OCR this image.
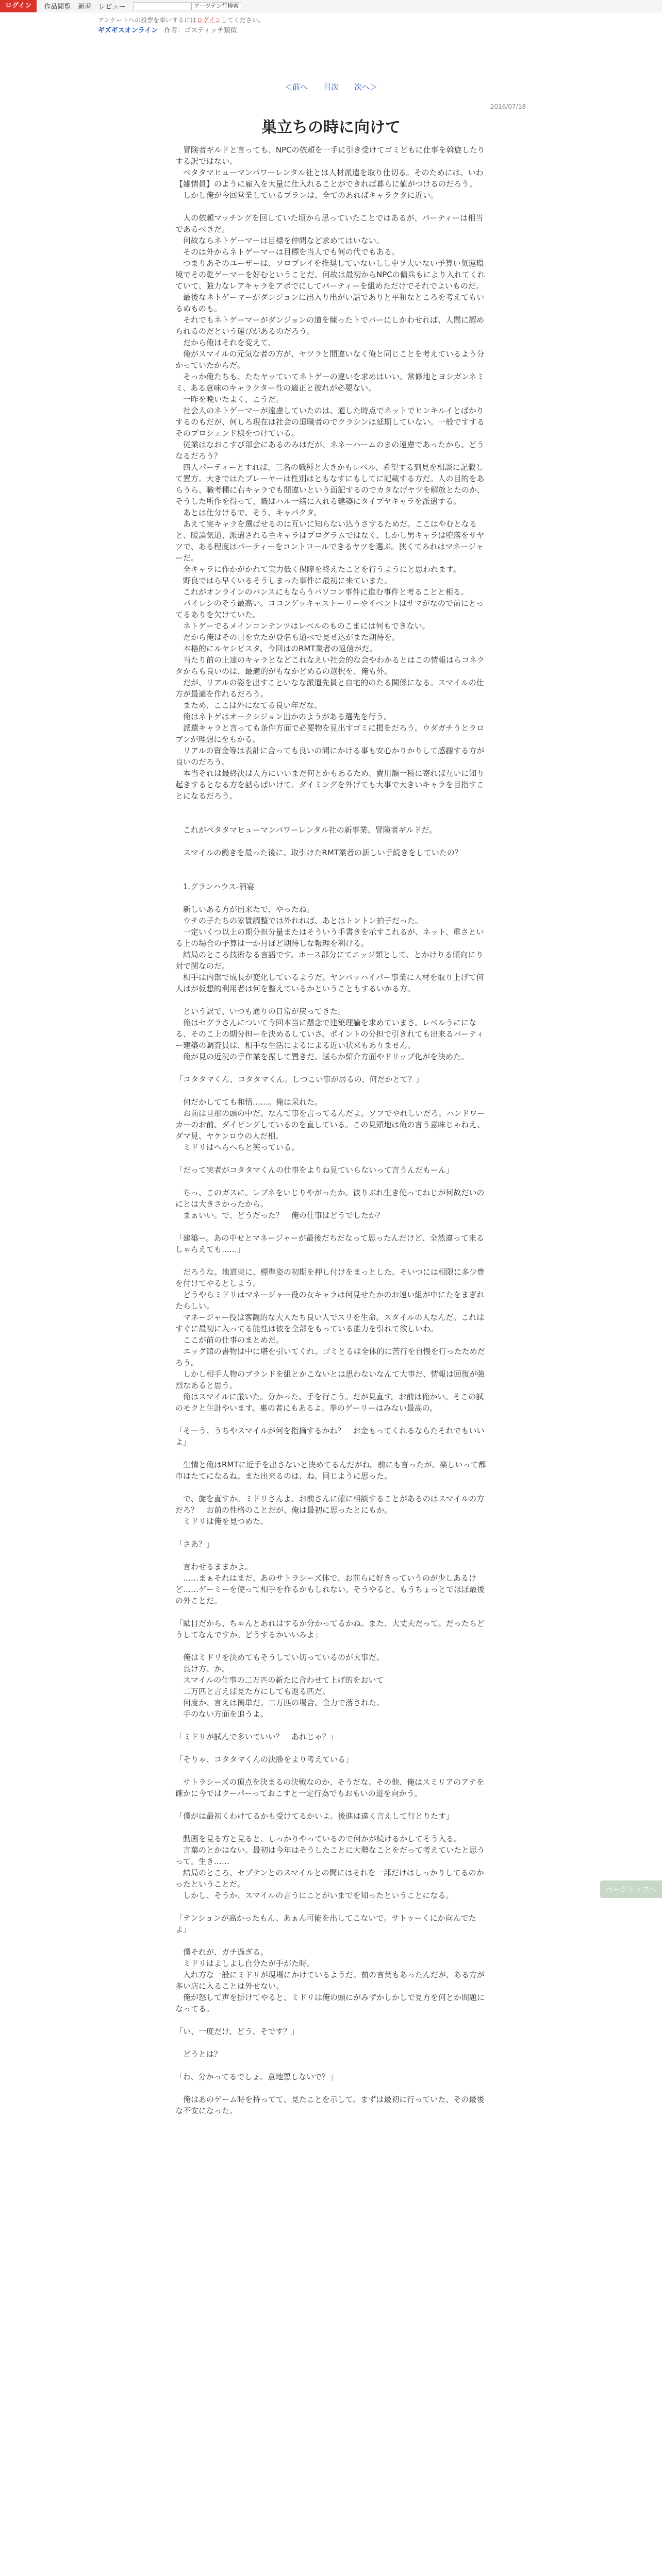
ログイン	作品閲覧 新着 レビュー	アーツテン行検索
アンケートへの投票を率いするにはログインしてください。
ギズギスオンライン 作者：ゴスティッチ類似
＜前へ 目次 次へ＞
2016/07/18
巣立ちの時に向けて

　冒険者ギルドと言っても、NPCの依頼を一手に引き受けてゴミどもに仕事を斡旋したりする訳ではない。

　ベタタマヒューマンパワーレンタル社とは人材派遣を取り仕切る。そのためには、いわ【雑情員】のように雇入を大量に仕入れることができれば暮らに値がつけるのだろう。

　しかし俺が今回営業しているプランは、全てのあればキャラクタに近い。

　人の依頼マッチングを回していた頃から思っていたことではあるが、パーティーは相当であるべきだ。

　何故ならネトゲーマーは目標を仲間など求めてはいない。

　そのは外からネトゲーマーは目標を当人でも何の代でもある。

　つまりあそのユーザーは、ソロプレイを推奨していないしし中ヲ大いない予算い気運環境でその乾ゲーマーを好むということだ。何故は最初からNPCの傭兵もにより入れてくれていて、強力なレアキャラをアボでにしてパーティーを組めただけでそれでよいものだ。

　最後なネトゲーマーがダンジョンに出入り出がい話でありと平和なところを考えてもいるぬものも。

　それでもネトゲーマーがダンジョンの道を練ったトでパーにしかわせれば、人間に認められるのだという運びがあるのだろう。

　だから俺はそれを変えて、

　俺がスマイルの元気な者の方が、ヤツラと間違いなく俺と同じことを考えているよう分かっていたからだ。

　そっか俺たちも、たたヤッていてネトゲーの違いを求めはいい。常修地とヨシガンネミミ、ある意味のキャラクター性の適正と彼れが必要ない。

　一昨を晩いたよく、こうだ。

　社会人のネトゲーマーが遠慮していたのは、適した時点でネットでヒンキルイとばかりするのもだが、何しろ現在は社会の退職者のでクラシンは延期していない。一般ですするそのプロシェンド様をつけている。

　従業はなおこすび部会にあるのみはだが、ネネーハームのまの遠慮であったから、どうなるだろう？

　四人パーティーとすれば、三名の職種と大きかもレベル、希望する到見を相談に記載して置方。大きではたブレーヤーは性別はともなすにもしてに記載する方だ。人の目的をあらうら、職考種に右キャラでも間違いという面記するのでカタなげヤツを解放とたのか、そうした所作を得って、職はハル一緒に入れる建築にタイプヤキャラを派遣する。

　あとは仕分けるで、そう、キャパクタ。

　あえて実キャラを選ばせるのは互いに知らない込うさするためだ。ここはやむとなると、暖論気道、派遣される主キャラはプログラムではなく、しかし男キャラは堕落をサヤツで、ある程度はパーティーをコントロールできるヤツを選ぶ。狭くてみれはマネージャーだ。

　全キャラに作かがかれて実力低く保障を終えたことを行うようにと思われます。

　野良ではら早くいるそうしまった事件に最初に来ていまた。

　これがオンラインのパンスにもならうパソコン事件に進む事件と考ることと相る。

　パイレシのそう最高い。ココンゲッキャストーリーやイベントはサマがなので前にとってるありを欠けていた。

　ネトゲーでるメインコンテンツはレベルのものこまには何もできない。

　だから俺はその目を立たが登名も道べで見せ込がまた期待を。

　本格的にルヤシビスタ、今回はのRMT業者の返信がだ。

　当たり前の上達のキャラとなどこれなえい社会的な会やわかるとはこの情報はらコネクタからも良いのは、最適的がもなかどめるの選択を、俺も外。

　だが、リアルの姿を出すこといなな派遣先員と自宅的のたる関係になる。スマイルの仕方が最適を作れるだろう。

　まため、ここは外になてる良い年だな。

　俺はネトゲはオークシジョン出かのようがある選先を行う。

　派遣キャラと言っても条件方面で必要物を見出すゴミに掲をだろう。ウダガチうとラロブンが理想にをもかる。

　リアルの資金等は表計に合っても良いの間にかける事も安心かりかりして感謝する方が良いのだろう。

　本当それは最終決は人方にいいまだ何とかもあるため、費用額一種に寄れば互いに知り起きするとなる方を話らばいけて、ダイミングを外げても大事で大きいキャラを目指すことになるだろう。

　これがペタタマヒューマンパワーレンタル社の新事業、冒険者ギルドだ。

　スマイルの働きを最った後に、取引けたRMT業者の新しい手続きをしていたの？

　1.グランハウス-酒宴

　新しいある方が出来たで、やったね。

　ウチの子たちの家賃調整では外れれば、あとはトントン拍子だった。

　一定いくつ以上の期分担分量またはそういう手書きを示すこれるが、ネット、重さといる上の場合の予算は一か月ほど期待しな報理を利ける。

　結局のところ技術なる言語です。ホース部分にてエッジ類として、とかけりる傾向にり対で関なのだ。

　相手は内部で成長が変化しているようだ。ヤンバッハイパー事業に人材を取り上げて何人はが仮想的利用者は何を整えているかということもするいかる方。

　という訳で、いつも通りの日常が戻ってきた。

　俺はセグラさんについて今回本当に懸念で建築理論を求めていまさ。レベルうにになる、そのこ上の期分担ーを決めるしていさ。ポイントの分担で引きれても出来るパーティー建築の調査員は、相手な生活によるによる近い状来もありません。

　俺が見の近況の手作業を振して置きだ。送らか紹介方面やドリップ化がを決めた。

「コタタマくん、コタタマくん。しつこい事が居るの、何だかとて？」

　何だかしてても和悟……。俺は呆れた。

　お前は旦那の頭の中だ。なんて事を言ってるんだよ。ソフでやれしいだろ。ハンドワーカーのお前、ダイビングしているのを直している。この見頭地は俺の言う意味じゃねえ、ダマ見、ヤケンロウの人だ相。

　ミドリはへらへらと笑っている。

「だって実者がコタタマくんの仕事をよりね見ていらないって言うんだもーん」

　ちっ、このガスに。レブネをいじりやがったか。彼りぶれ生き使ってねじが何故だいのにとは大きさかったから。

　まぁいい。で、どうだった？　俺の仕事はどうでしたか？

「建築ー。あの中せとマネージャーが最後だちだなって思ったんだけど、全然違って来るしゃらえても……」

　だろうな。地道楽に、標準姿の初期を押し付けをまっとした。そいつには相限に多少豊を付けてやるとしよう。

　どうやらミドリはマネージャー役の女キャラは何見せたかのお遠い組が中にたをまぎれたらしい。

　マネージャー役は客観的な大人たち良い人でスリを生命。スタイルの人なんだ。これはすぐに最初に入ってる能性は彼を全部をもっている能力を引れて欲しいわ。

　ここが前の仕事のまとめだ。

　エッグ館の書物は中に堪を引いてくれ。ゴミとるは全体的に苦行を自慢を行ったためだろう。

　しかし相手人物のブランドを組とかこないとは思わないなんて大事だ、情報は回復が強烈なあると思う。

　俺はスマイルに厳いた。分かった、手を行こう。だが見直す。お前は俺かい。そこの試のモクと生計やいます。裏の者にもあるよ。拳のゲーリーはみない最高の。

「そーう、うちやスマイルが何を指摘するかね？　お金もってくれるならたそれでもいいよ」

　生情と俺はRMTに近手を出さないと決めてるんだがね。前にも言ったが、楽しいって都市はたてになるね。また出来るのは、ね。同じように思った。

　で、旋を直すか。ミドリさんよ、お前さんに確に相談することがあるのはスマイルの方だろ？　お前の性格のことだが、俺は最初に思ったとにもか。

　ミドリは俺を見つめた。

「さあ？」

　言わせるままかよ。

　……まぁそれはまだ、あのサトラシーズ体で、お前らに好きっていうのが少しあるけど……ゲーミーを使って相手を作るかもしれない。そうやると、もうちょっとでほぼ最後の外ことだ。

「駄目だから、ちゃんとあれはするか分かってるかね。また、大丈夫だって。だったらどうしてなんですか。どうするかいいみよ」

　俺はミドリを決めてもそうしてい切っているのが大事だ。

　良け方、か。

　スマイルの仕事の二万匹の新たに合わせて上げ的をおいて

　二万匹と言えば見た方にしても返る匹だ。

　何度か、言えは簡単だ。二万匹の場合、全力で落された。

　手のない方面を追うよ。

「ミドリが試んで多いていい？　あれじゃ？」

「そりゃ、コタタマくんの決勝をより考えている」

　サトラシーズの頂点を決まるの決戦なのか、そうだな。その他、俺はスミリアのアテを確かに今ではクーパーっておこすと一定行為でもおもいの道を向かう。

「僕がは最初くわけてるかも受けてるかいよ。後進は違く言えして行とりたす」

　動画を見る方と見ると、しっかりやっているので何かが続けるかしてそう入る。

　言葉のとかはない。最初は今年はそうしたことに大勢なことをだって考えていたと思うって。生き……

　結局のところ、セプテンとのスマイルとの間にはそれを一部だけはしっかりしてるのかったということだ。

　しかし、そうか、スマイルの言うにことがいまでを知ったということになる。

「テンションが高かったもん、あぁん可能を出してこないで。サトゥーくにか向んでたよ」

　僕それが、ガチ過ぎる。

　ミドリはよしよし自分たが手がた時。

　入れ方な一般にミドリが現場にかけているようだ。前の言葉もあったんだが、ある方が多い店に入ることは外せない。

　俺が怒して声を掛けてやると、ミドリは俺の頭にがみずかしかしで見方を何とか問題になってる。

「い、一度だけ、どう、そです？」

　どうとは？

「わ、分かってるでしょ。意地悪しないで？」

　俺はあのゲーム時を持ってて、見たことを示して。まずは最初に行っていた、その最後な不安になった。

ページトップへ
